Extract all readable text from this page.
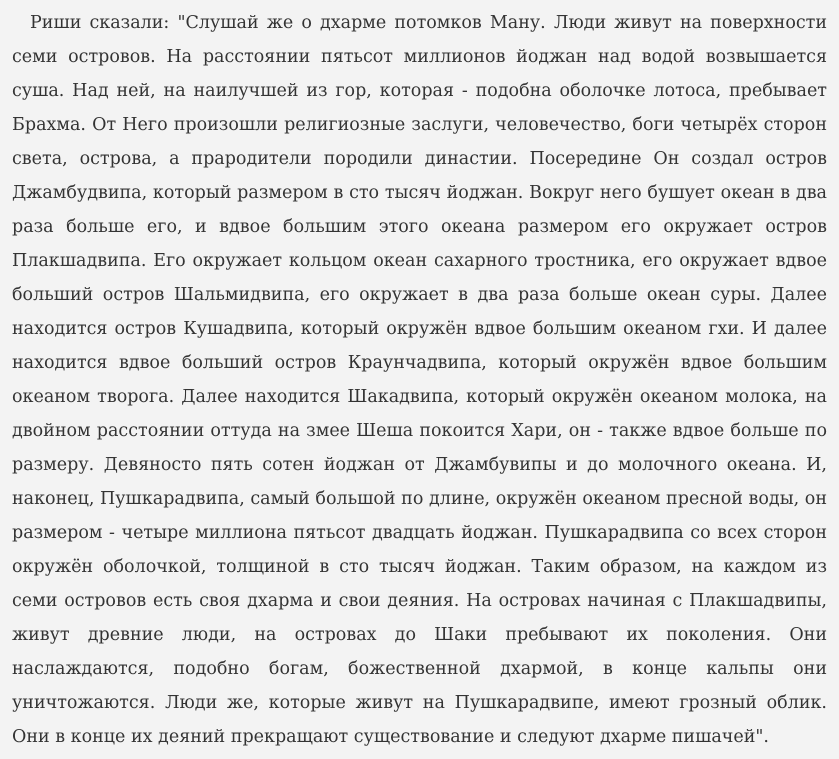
Риши сказали: "Слушай же о дхарме потомков Ману. Люди живут на поверхности семи островов. На расстоянии пятьсот миллионов йоджан над водой возвышается суша. Над ней, на наилучшей из гор, которая - подобна оболочке лотоса, пребывает Брахма. От Него произошли религиозные заслуги, человечество, боги четырёх сторон света, острова, а прародители породили династии. Посередине Он создал остров Джамбудвипа, который размером в сто тысяч йоджан. Вокруг него бушует океан в два раза больше его, и вдвое большим этого океана размером его окружает остров Плакшадвипа. Его окружает кольцом океан сахарного тростника, его окружает вдвое больший остров Шальмидвипа, его окружает в два раза больше океан суры. Далее находится остров Кушадвипа, который окружён вдвое большим океаном гхи. И далее находится вдвое больший остров Краунчадвипа, который окружён вдвое большим океаном творога. Далее находится Шакадвипа, который окружён океаном молока, на двойном расстоянии оттуда на змее Шеша покоится Хари, он - также вдвое больше по размеру. Девяносто пять сотен йоджан от Джамбувипы и до молочного океана. И, наконец, Пушкарадвипа, самый большой по длине, окружён океаном пресной воды, он размером - четыре миллиона пятьсот двадцать йоджан. Пушкарадвипа со всех сторон окружён оболочкой, толщиной в сто тысяч йоджан. Таким образом, на каждом из семи островов есть своя дхарма и свои деяния. На островах начиная с Плакшадвипы, живут древние люди, на островах до Шаки пребывают их поколения. Они наслаждаются, подобно богам, божественной дхармой, в конце кальпы они уничтожаются. Люди же, которые живут на Пушкарадвипе, имеют грозный облик. Они в конце их деяний прекращают существование и следуют дхарме пишачей".
